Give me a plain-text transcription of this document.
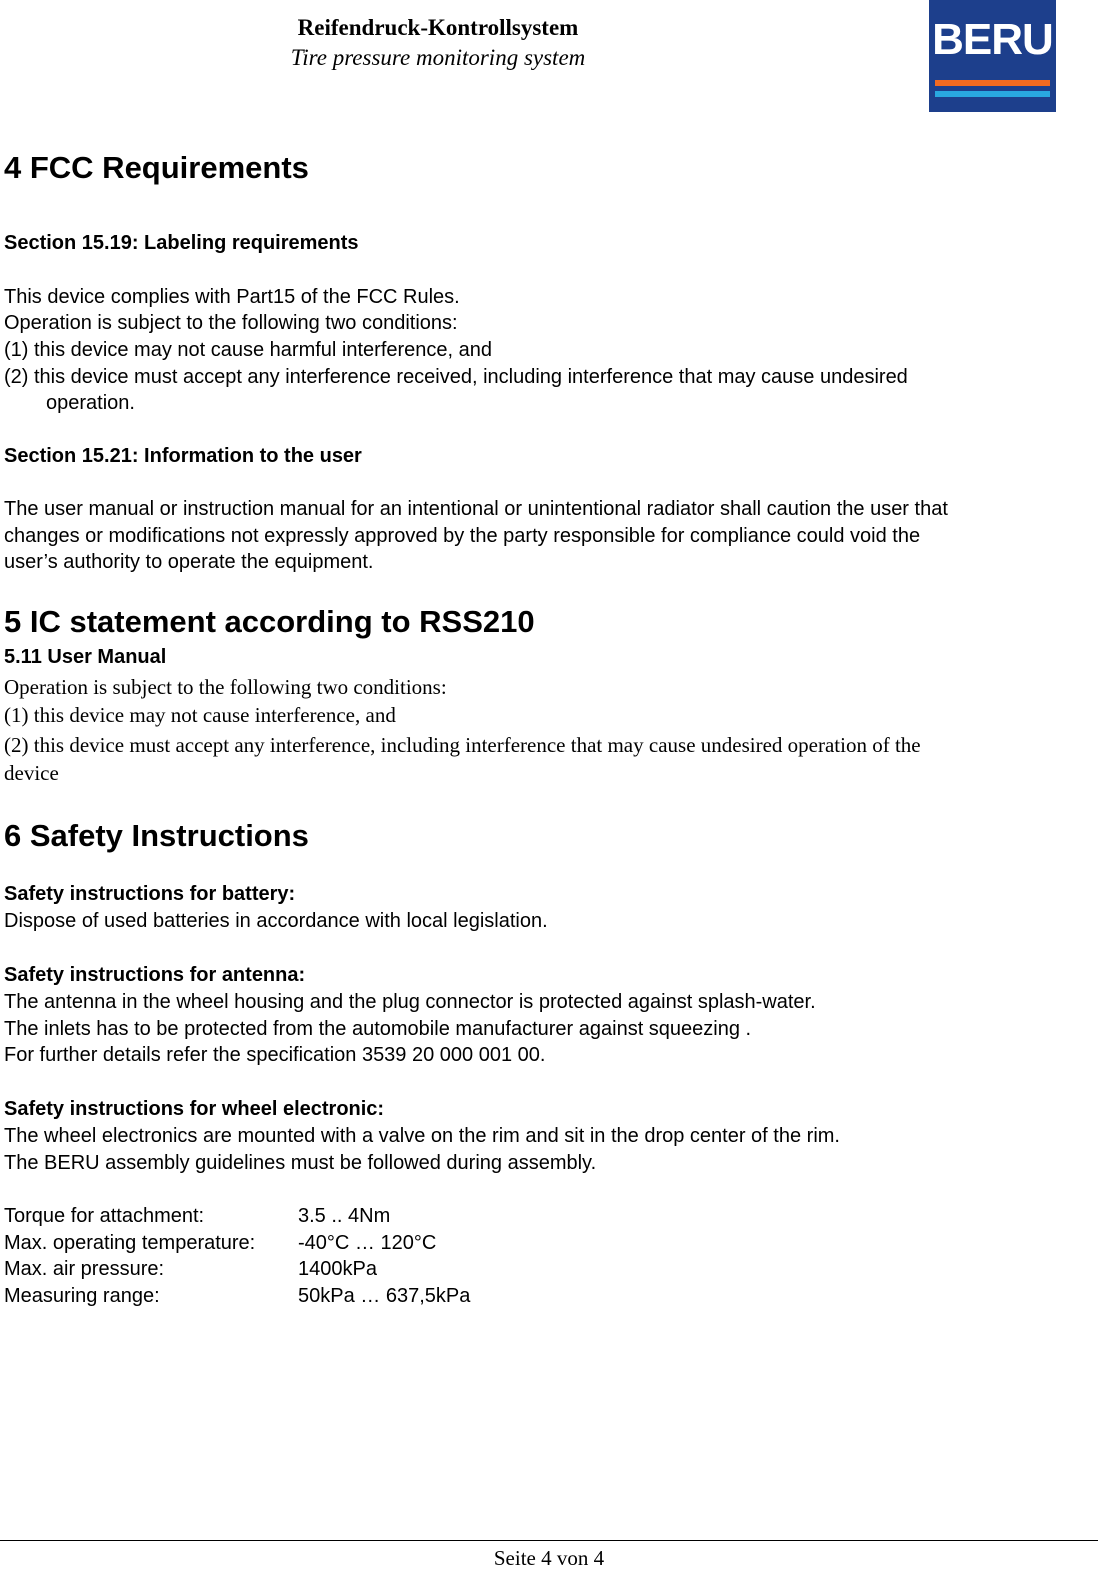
Reifendruck-Kontrollsystem
Tire pressure monitoring system	BERU
4 FCC Requirements
Section 15.19: Labeling requirements
This device complies with Part15 of the FCC Rules.
Operation is subject to the following two conditions:
(1) this device may not cause harmful interference, and
(2) this device must accept any interference received, including interference that may cause undesired
operation.
Section 15.21: Information to the user
The user manual or instruction manual for an intentional or unintentional radiator shall caution the user that
changes or modifications not expressly approved by the party responsible for compliance could void the
user’s authority to operate the equipment.
5 IC statement according to RSS210
5.11 User Manual
Operation is subject to the following two conditions:
(1) this device may not cause interference, and
(2) this device must accept any interference, including interference that may cause undesired operation of the
device
6 Safety Instructions
Safety instructions for battery:
Dispose of used batteries in accordance with local legislation.
Safety instructions for antenna:
The antenna in the wheel housing and the plug connector is protected against splash-water.
The inlets has to be protected from the automobile manufacturer against squeezing .
For further details refer the specification 3539 20 000 001 00.
Safety instructions for wheel electronic:
The wheel electronics are mounted with a valve on the rim and sit in the drop center of the rim.
The BERU assembly guidelines must be followed during assembly.
Torque for attachment:	3.5 .. 4Nm
Max. operating temperature: -40°C … 120°C
Max. air pressure:	1400kPa
Measuring range:	50kPa … 637,5kPa
Seite 4 von 4
